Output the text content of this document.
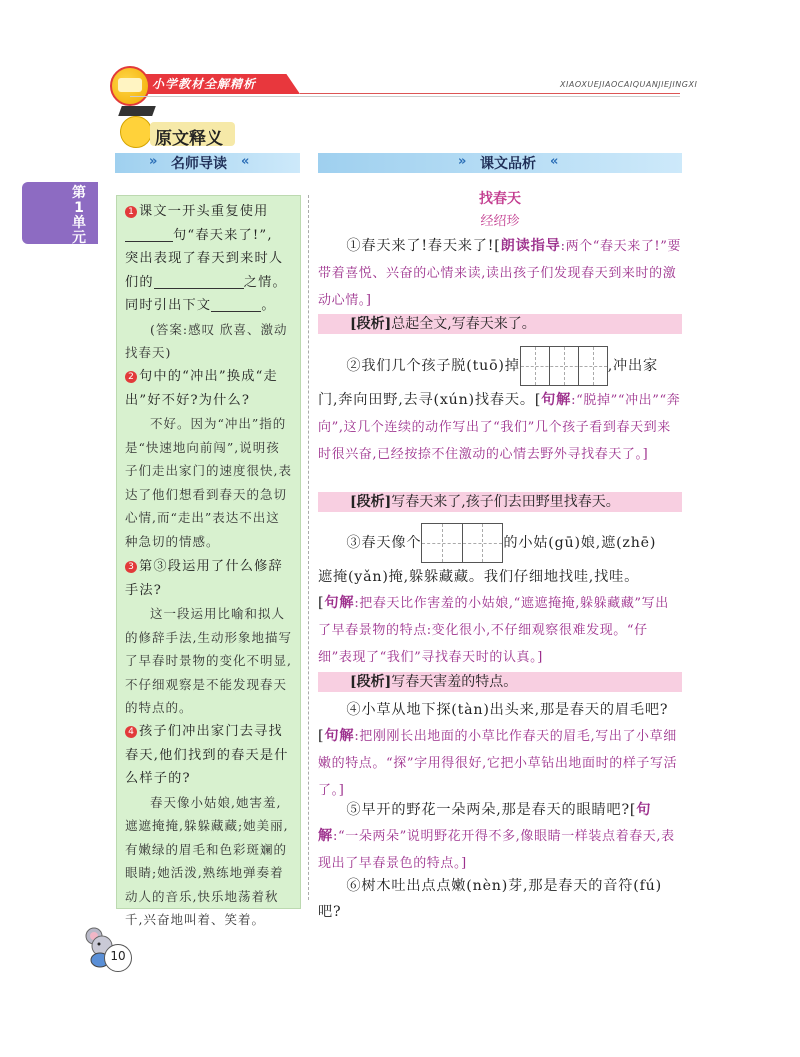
小学教材全解精析	XIAOXUEJIAOCAIQUANJIEJINGXI
原文释义
第1单元
» 名师导读 «	» 课文品析 «
1 课文一开头重复使用
句“春天来了!”,
突出表现了春天到来时人
们的	之情。
同时引出下文	。
(答案:感叹 欣喜、激动 找春天)
2 句中的“冲出”换成“走出”好不好?为什么?
不好。因为“冲出”指的是“快速地向前闯”,说明孩子们走出家门的速度很快,表达了他们想看到春天的急切心情,而“走出”表达不出这种急切的情感。
3 第③段运用了什么修辞手法?
这一段运用比喻和拟人的修辞手法,生动形象地描写了早春时景物的变化不明显,不仔细观察是不能发现春天的特点的。
4 孩子们冲出家门去寻找春天,他们找到的春天是什么样子的?
春天像小姑娘,她害羞,遮遮掩掩,躲躲藏藏;她美丽,有嫩绿的眉毛和色彩斑斓的眼睛;她活泼,熟练地弹奏着动人的音乐,快乐地荡着秋千,兴奋地叫着、笑着。
找春天
经绍珍
①春天来了!春天来了![朗读指导:两个“春天来了!”要带着喜悦、兴奋的心情来读,读出孩子们发现春天到来时的激动心情。]
[段析]总起全文,写春天来了。
②我们几个孩子脱(tuō)掉	,冲出家
门,奔向田野,去寻(xún)找春天。[句解:“脱掉”“冲出”“奔向”,这几个连续的动作写出了“我们”几个孩子看到春天到来时很兴奋,已经按捺不住激动的心情去野外寻找春天了。]
[段析]写春天来了,孩子们去田野里找春天。
③春天像个	的小姑(gū)娘,遮(zhē)
遮掩(yǎn)掩,躲躲藏藏。我们仔细地找哇,找哇。
[句解:把春天比作害羞的小姑娘,“遮遮掩掩,躲躲藏藏”写出了早春景物的特点:变化很小,不仔细观察很难发现。“仔细”表现了“我们”寻找春天时的认真。]
[段析]写春天害羞的特点。
④小草从地下探(tàn)出头来,那是春天的眉毛吧?[句解:把刚刚长出地面的小草比作春天的眉毛,写出了小草细嫩的特点。“探”字用得很好,它把小草钻出地面时的样子写活了。]
⑤早开的野花一朵两朵,那是春天的眼睛吧?[句解:“一朵两朵”说明野花开得不多,像眼睛一样装点着春天,表现出了早春景色的特点。]
⑥树木吐出点点嫩(nèn)芽,那是春天的音符(fú)吧?
10
